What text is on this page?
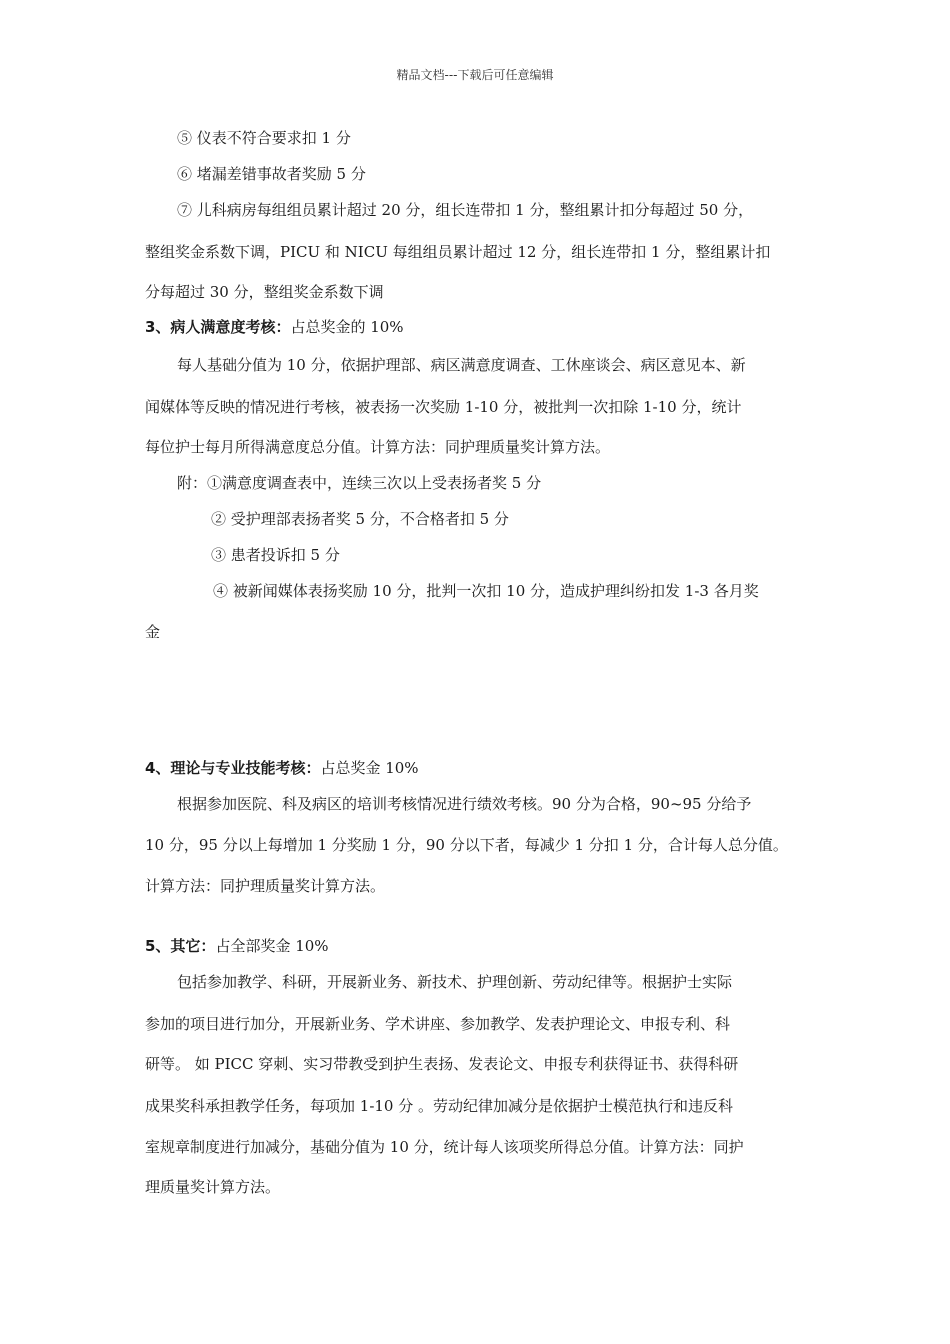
精品文档---下载后可任意编辑
⑤ 仪表不符合要求扣 1 分
⑥ 堵漏差错事故者奖励 5 分
⑦ 儿科病房每组组员累计超过 20 分，组长连带扣 1 分，整组累计扣分每超过 50 分，
整组奖金系数下调，PICU 和 NICU 每组组员累计超过 12 分，组长连带扣 1 分，整组累计扣
分每超过 30 分，整组奖金系数下调
3、病人满意度考核：占总奖金的 10%
每人基础分值为 10 分，依据护理部、病区满意度调查、工休座谈会、病区意见本、新
闻媒体等反映的情况进行考核，被表扬一次奖励 1-10 分，被批判一次扣除 1-10 分，统计
每位护士每月所得满意度总分值。计算方法：同护理质量奖计算方法。
附：①满意度调查表中，连续三次以上受表扬者奖 5 分
② 受护理部表扬者奖 5 分，不合格者扣 5 分
③ 患者投诉扣 5 分
④ 被新闻媒体表扬奖励 10 分，批判一次扣 10 分，造成护理纠纷扣发 1-3 各月奖
金
4、理论与专业技能考核：占总奖金 10%
根据参加医院、科及病区的培训考核情况进行绩效考核。90 分为合格，90~95 分给予
10 分，95 分以上每增加 1 分奖励 1 分，90 分以下者，每减少 1 分扣 1 分，合计每人总分值。
计算方法：同护理质量奖计算方法。
5、其它：占全部奖金 10%
包括参加教学、科研，开展新业务、新技术、护理创新、劳动纪律等。根据护士实际
参加的项目进行加分，开展新业务、学术讲座、参加教学、发表护理论文、申报专利、科
研等。 如 PICC 穿刺、实习带教受到护生表扬、发表论文、申报专利获得证书、获得科研
成果奖科承担教学任务，每项加 1-10 分 。劳动纪律加减分是依据护士模范执行和违反科
室规章制度进行加减分，基础分值为 10 分，统计每人该项奖所得总分值。计算方法：同护
理质量奖计算方法。
